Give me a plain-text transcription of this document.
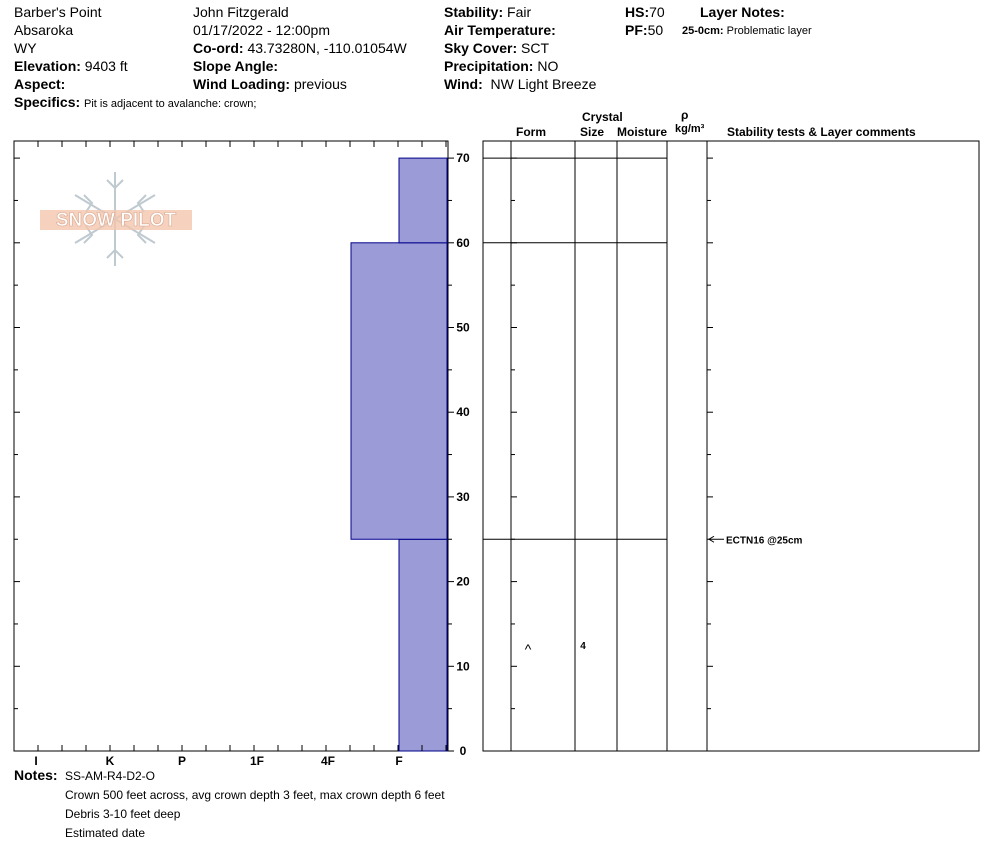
Barber's Point
Absaroka
WY
Elevation: 9403 ft
Aspect:
Specifics: Pit is adjacent to avalanche: crown;
John Fitzgerald
01/17/2022 - 12:00pm
Co-ord: 43.73280N, -110.01054W
Slope Angle:
Wind Loading: previous
Stability: Fair
Air Temperature:
Sky Cover: SCT
Precipitation: NO
Wind: NW Light Breeze
HS:70
PF:50
Layer Notes:
25-0cm: Problematic layer
Crystal
Form	Size Moisture
ρ
kg/m³ Stability tests & Layer comments
SNOW PILOT
0
10
20
30
40
50
60
70
I	K	P	1F	4F	F
^	4
ECTN16 @25cm
Notes: SS-AM-R4-D2-O
Crown 500 feet across, avg crown depth 3 feet, max crown depth 6 feet
Debris 3-10 feet deep
Estimated date
